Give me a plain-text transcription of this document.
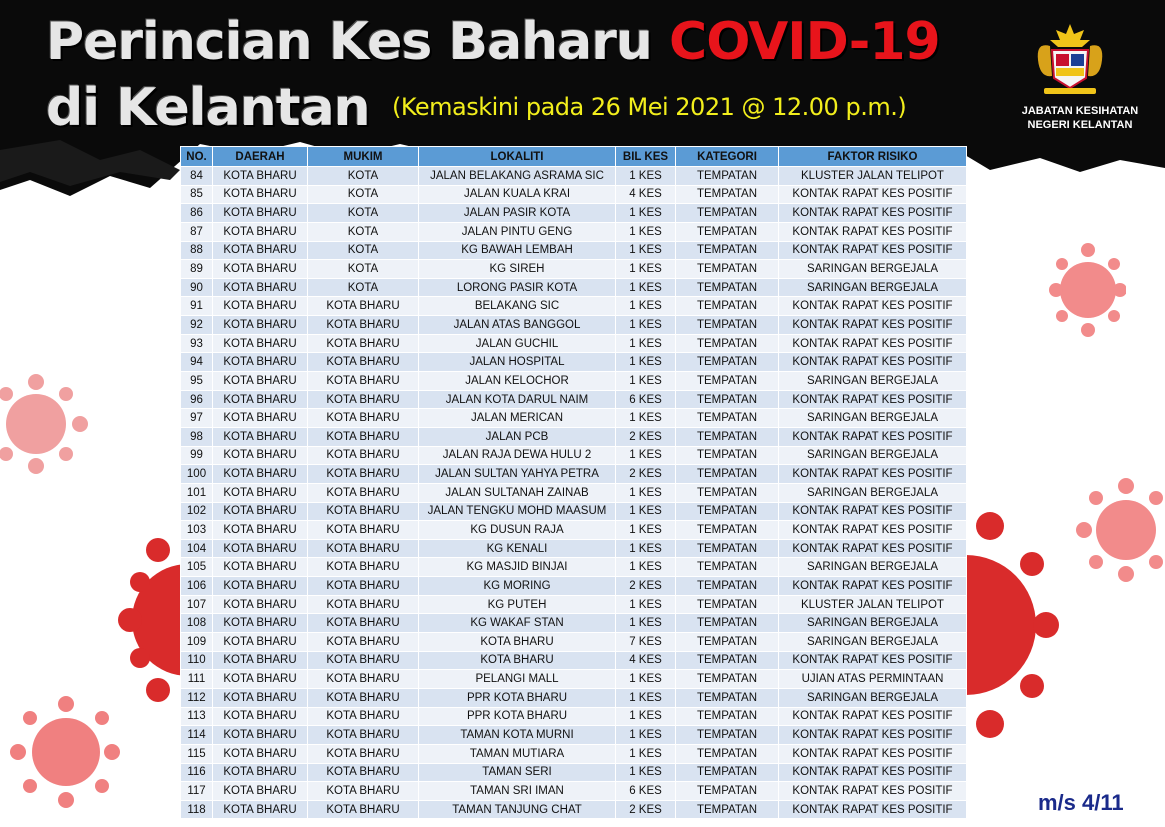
Perincian Kes Baharu COVID-19
di Kelantan (Kemaskini pada 26 Mei 2021 @ 12.00 p.m.)	JABATAN KESIHATAN
NEGERI KELANTAN
NO.	DAERAH	MUKIM	LOKALITI	BIL KES	KATEGORI	FAKTOR RISIKO
84	KOTA BHARU	KOTA	JALAN BELAKANG ASRAMA SIC	1 KES	TEMPATAN	KLUSTER JALAN TELIPOT
85	KOTA BHARU	KOTA	JALAN KUALA KRAI	4 KES	TEMPATAN	KONTAK RAPAT KES POSITIF
86	KOTA BHARU	KOTA	JALAN PASIR KOTA	1 KES	TEMPATAN	KONTAK RAPAT KES POSITIF
87	KOTA BHARU	KOTA	JALAN PINTU GENG	1 KES	TEMPATAN	KONTAK RAPAT KES POSITIF
88	KOTA BHARU	KOTA	KG BAWAH LEMBAH	1 KES	TEMPATAN	KONTAK RAPAT KES POSITIF
89	KOTA BHARU	KOTA	KG SIREH	1 KES	TEMPATAN	SARINGAN BERGEJALA
90	KOTA BHARU	KOTA	LORONG PASIR KOTA	1 KES	TEMPATAN	SARINGAN BERGEJALA
91	KOTA BHARU	KOTA BHARU	BELAKANG SIC	1 KES	TEMPATAN	KONTAK RAPAT KES POSITIF
92	KOTA BHARU	KOTA BHARU	JALAN ATAS BANGGOL	1 KES	TEMPATAN	KONTAK RAPAT KES POSITIF
93	KOTA BHARU	KOTA BHARU	JALAN GUCHIL	1 KES	TEMPATAN	KONTAK RAPAT KES POSITIF
94	KOTA BHARU	KOTA BHARU	JALAN HOSPITAL	1 KES	TEMPATAN	KONTAK RAPAT KES POSITIF
95	KOTA BHARU	KOTA BHARU	JALAN KELOCHOR	1 KES	TEMPATAN	SARINGAN BERGEJALA
96	KOTA BHARU	KOTA BHARU	JALAN KOTA DARUL NAIM	6 KES	TEMPATAN	KONTAK RAPAT KES POSITIF
97	KOTA BHARU	KOTA BHARU	JALAN MERICAN	1 KES	TEMPATAN	SARINGAN BERGEJALA
98	KOTA BHARU	KOTA BHARU	JALAN PCB	2 KES	TEMPATAN	KONTAK RAPAT KES POSITIF
99	KOTA BHARU	KOTA BHARU	JALAN RAJA DEWA HULU 2	1 KES	TEMPATAN	SARINGAN BERGEJALA
100	KOTA BHARU	KOTA BHARU	JALAN SULTAN YAHYA PETRA	2 KES	TEMPATAN	KONTAK RAPAT KES POSITIF
101	KOTA BHARU	KOTA BHARU	JALAN SULTANAH ZAINAB	1 KES	TEMPATAN	SARINGAN BERGEJALA
102	KOTA BHARU	KOTA BHARU	JALAN TENGKU MOHD MAASUM	1 KES	TEMPATAN	KONTAK RAPAT KES POSITIF
103	KOTA BHARU	KOTA BHARU	KG DUSUN RAJA	1 KES	TEMPATAN	KONTAK RAPAT KES POSITIF
104	KOTA BHARU	KOTA BHARU	KG KENALI	1 KES	TEMPATAN	KONTAK RAPAT KES POSITIF
105	KOTA BHARU	KOTA BHARU	KG MASJID BINJAI	1 KES	TEMPATAN	SARINGAN BERGEJALA
106	KOTA BHARU	KOTA BHARU	KG MORING	2 KES	TEMPATAN	KONTAK RAPAT KES POSITIF
107	KOTA BHARU	KOTA BHARU	KG PUTEH	1 KES	TEMPATAN	KLUSTER JALAN TELIPOT
108	KOTA BHARU	KOTA BHARU	KG WAKAF STAN	1 KES	TEMPATAN	SARINGAN BERGEJALA
109	KOTA BHARU	KOTA BHARU	KOTA BHARU	7 KES	TEMPATAN	SARINGAN BERGEJALA
110	KOTA BHARU	KOTA BHARU	KOTA BHARU	4 KES	TEMPATAN	KONTAK RAPAT KES POSITIF
111	KOTA BHARU	KOTA BHARU	PELANGI MALL	1 KES	TEMPATAN	UJIAN ATAS PERMINTAAN
112	KOTA BHARU	KOTA BHARU	PPR KOTA BHARU	1 KES	TEMPATAN	SARINGAN BERGEJALA
113	KOTA BHARU	KOTA BHARU	PPR KOTA BHARU	1 KES	TEMPATAN	KONTAK RAPAT KES POSITIF
114	KOTA BHARU	KOTA BHARU	TAMAN KOTA MURNI	1 KES	TEMPATAN	KONTAK RAPAT KES POSITIF
115	KOTA BHARU	KOTA BHARU	TAMAN MUTIARA	1 KES	TEMPATAN	KONTAK RAPAT KES POSITIF
116	KOTA BHARU	KOTA BHARU	TAMAN SERI	1 KES	TEMPATAN	KONTAK RAPAT KES POSITIF
117	KOTA BHARU	KOTA BHARU	TAMAN SRI IMAN	6 KES	TEMPATAN	KONTAK RAPAT KES POSITIF
118	KOTA BHARU	KOTA BHARU	TAMAN TANJUNG CHAT	2 KES	TEMPATAN	KONTAK RAPAT KES POSITIF	m/s 4/11
